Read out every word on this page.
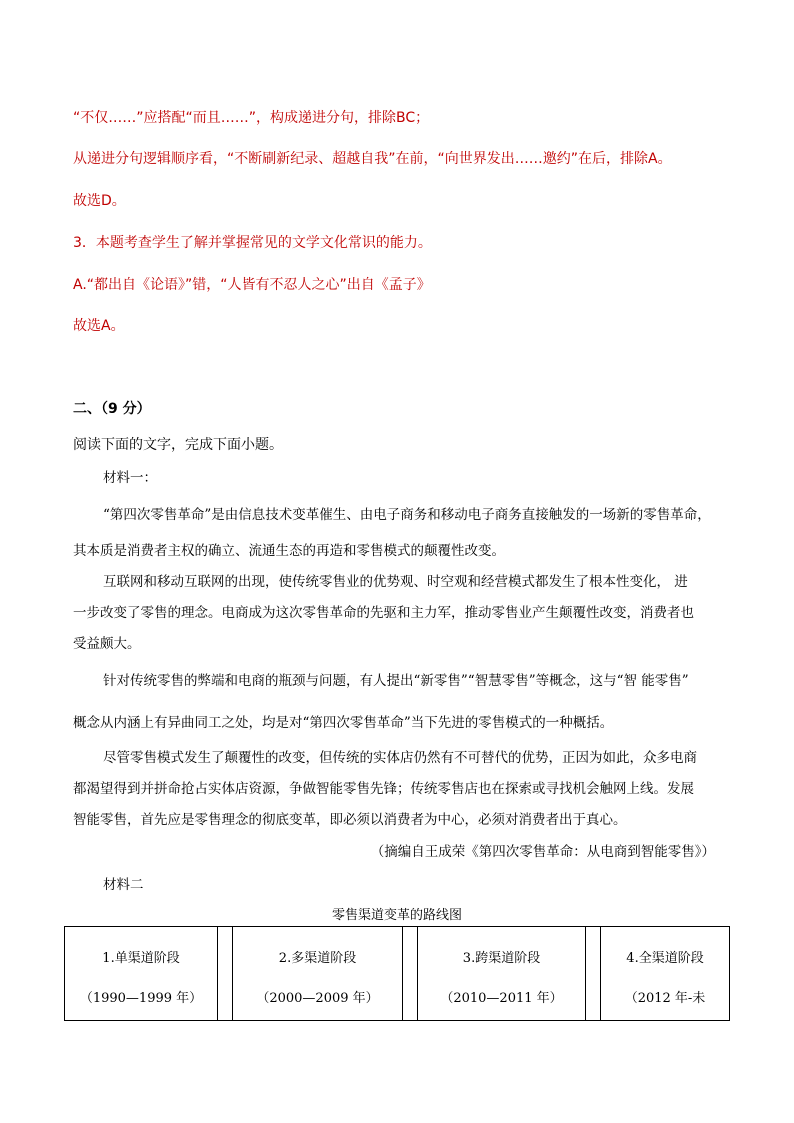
“不仅……”应搭配“而且……”，构成递进分句，排除BC；
从递进分句逻辑顺序看，“不断刷新纪录、超越自我”在前，“向世界发出……邀约”在后，排除A。
故选D。
3．本题考查学生了解并掌握常见的文学文化常识的能力。
A.“都出自《论语》”错，“人皆有不忍人之心”出自《孟子》
故选A。
二、（9 分）
阅读下面的文字，完成下面小题。
材料一：
“第四次零售革命”是由信息技术变革催生、由电子商务和移动电子商务直接触发的一场新的零售革命，
其本质是消费者主权的确立、流通生态的再造和零售模式的颠覆性改变。
互联网和移动互联网的出现，使传统零售业的优势观、时空观和经营模式都发生了根本性变化， 进
一步改变了零售的理念。电商成为这次零售革命的先驱和主力军，推动零售业产生颠覆性改变，消费者也
受益颇大。
针对传统零售的弊端和电商的瓶颈与问题，有人提出“新零售”“智慧零售”等概念，这与“智 能零售”
概念从内涵上有异曲同工之处，均是对“第四次零售革命”当下先进的零售模式的一种概括。
尽管零售模式发生了颠覆性的改变，但传统的实体店仍然有不可替代的优势，正因为如此，众多电商
都渴望得到并拼命抢占实体店资源，争做智能零售先锋；传统零售店也在探索或寻找机会触网上线。发展
智能零售，首先应是零售理念的彻底变革，即必须以消费者为中心，必须对消费者出于真心。
（摘编自王成荣《第四次零售革命：从电商到智能零售》）
材料二
零售渠道变革的路线图
1.单渠道阶段
（1990—1999 年）
2.多渠道阶段
（2000—2009 年）
3.跨渠道阶段
（2010—2011 年）
4.全渠道阶段
（2012 年-未
